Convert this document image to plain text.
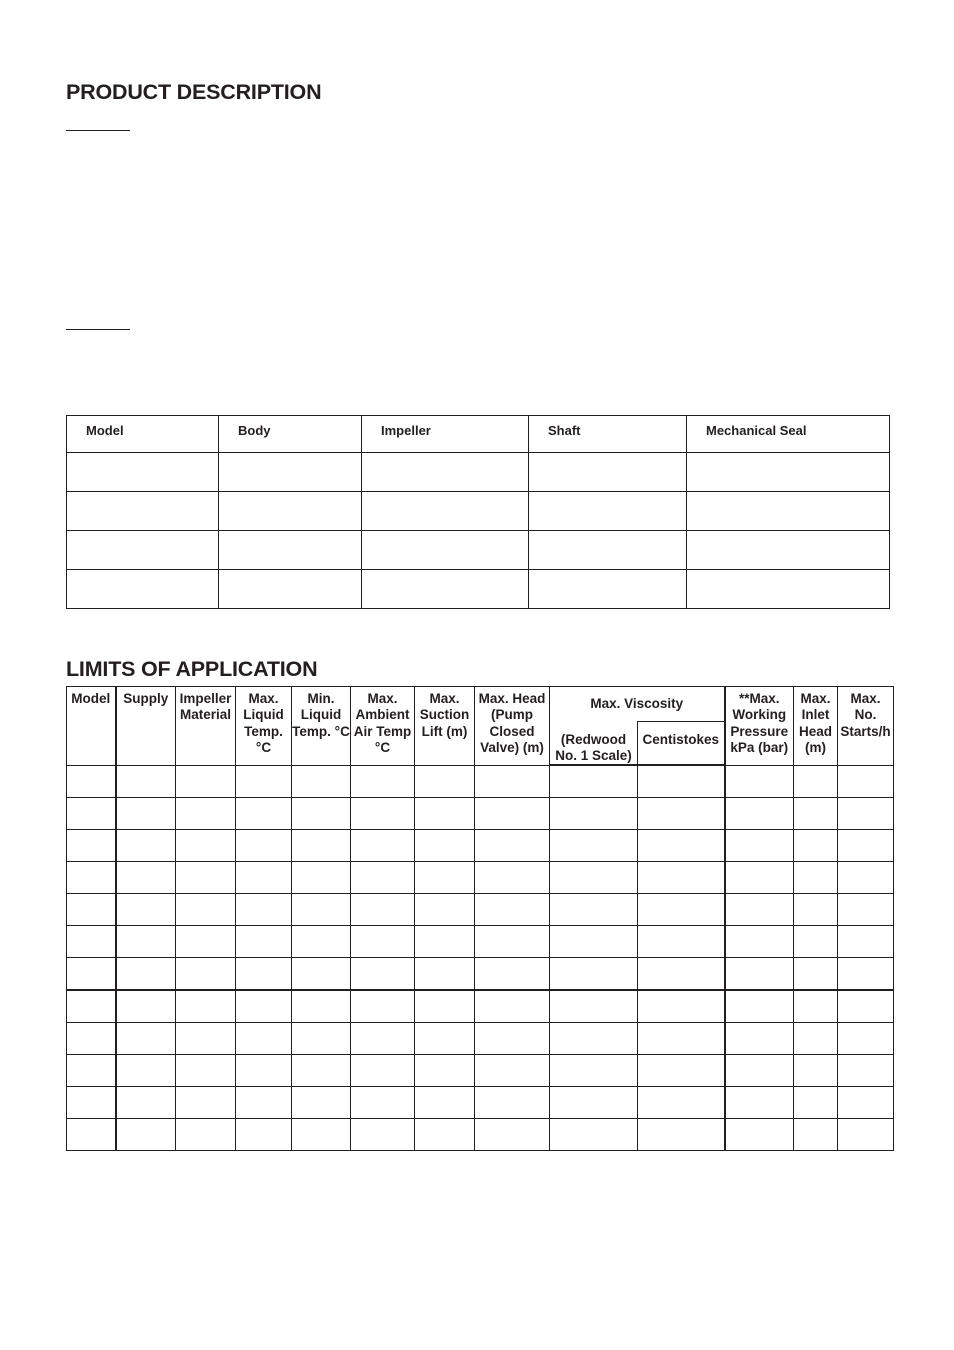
PRODUCT DESCRIPTION
Model	Body	Impeller	Shaft	Mechanical Seal

LIMITS OF APPLICATION
Model	Supply	Impeller Material	Max. Liquid Temp. °C	Min. Liquid Temp. °C	Max. Ambient Air Temp °C	Max. Suction Lift (m)	Max. Head (Pump Closed Valve) (m)	Max. Viscosity		**Max. Working Pressure kPa (bar)	Max. Inlet Head (m)	Max. No. Starts/h
								(Redwood No. 1 Scale)	Centistokes			
